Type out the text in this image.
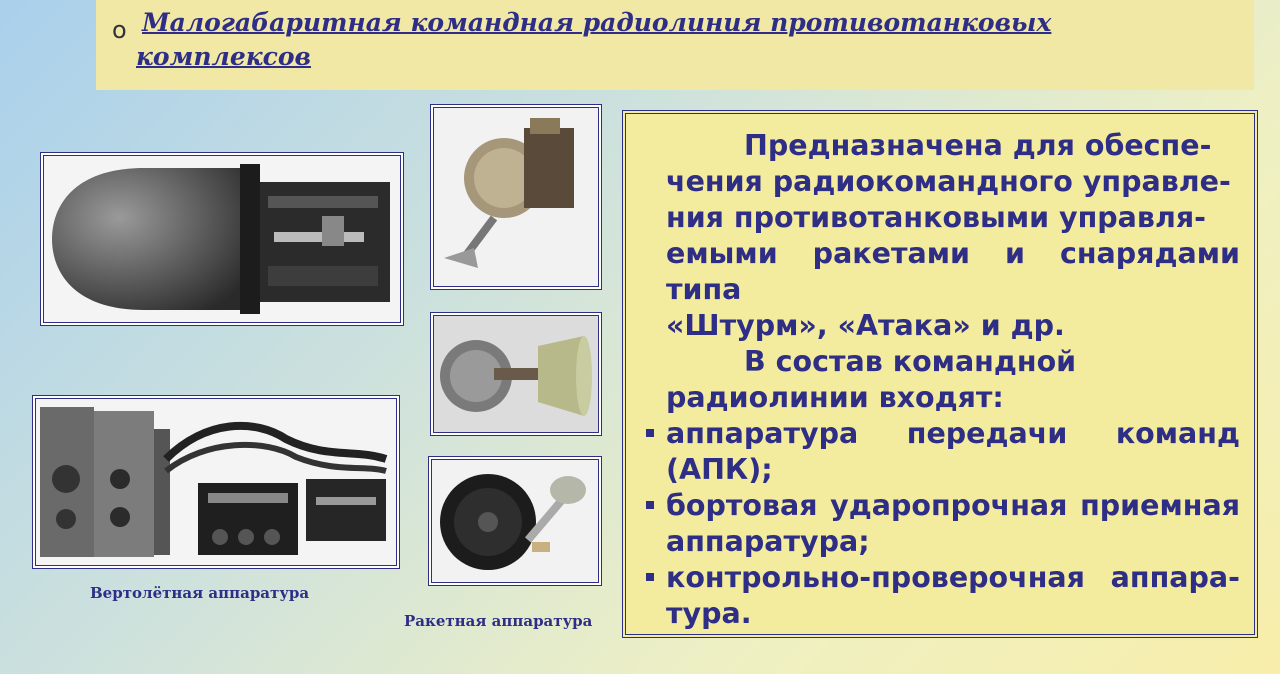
o Малогабаритная командная радиолиния противотанковых комплексов
Вертолётная аппаратура
Ракетная аппаратура

Предназначена для обеспе-

чения радиокомандного управле-

ния противотанковыми управля-

емыми ракетами и снарядами типа

«Штурм», «Атака» и др.

В состав командной

радиолинии входят:

аппаратура передачи команд
(АПК);
бортовая ударопрочная приемная
аппаратура;
контрольно-проверочная аппара-
тура.
